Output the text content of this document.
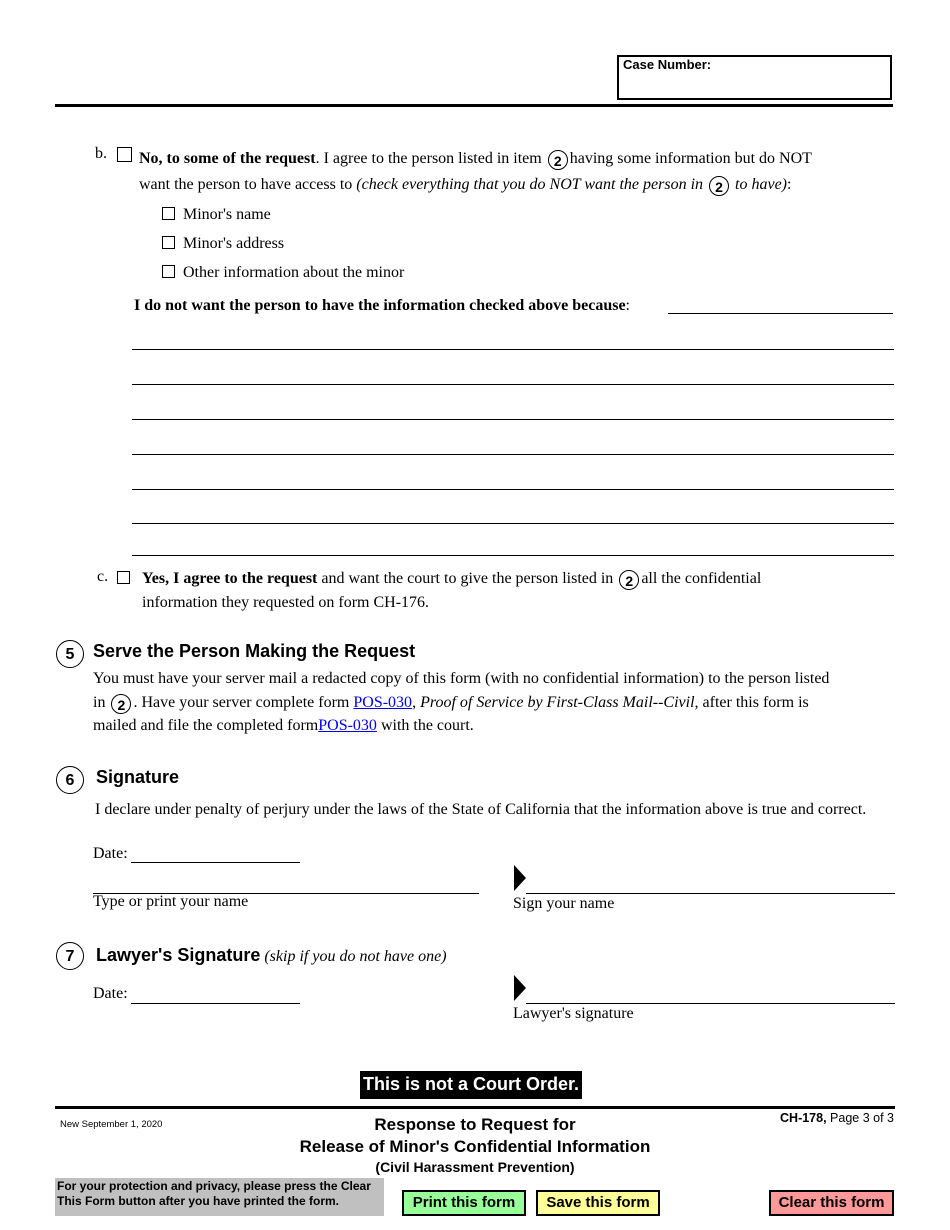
Case Number:
b. No, to some of the request. I agree to the person listed in item 2 having some information but do NOT

want the person to have access to (check everything that you do NOT want the person in 2 to have):

Minor's name
Minor's address
Other information about the minor
I do not want the person to have the information checked above because:
c. Yes, I agree to the request and want the court to give the person listed in 2 all the confidential

information they requested on form CH-176.

5	Serve the Person Making the Request

You must have your server mail a redacted copy of this form (with no confidential information) to the person listed

in 2 . Have your server complete form POS-030, Proof of Service by First-Class Mail--Civil, after this form is

mailed and file the completed formPOS-030 with the court.

6	Signature
I declare under penalty of perjury under the laws of the State of California that the information above is true and correct.
Date:
Type or print your name	Sign your name
7	Lawyer's Signature (skip if you do not have one)
Date:
Lawyer's signature
This is not a Court Order.
New September 1, 2020	Response to Request for
Release of Minor's Confidential Information
(Civil Harassment Prevention)
CH-178, Page 3 of 3
For your protection and privacy, please press the Clear This Form button after you have printed the form.	Print this form	Save this form	Clear this form
